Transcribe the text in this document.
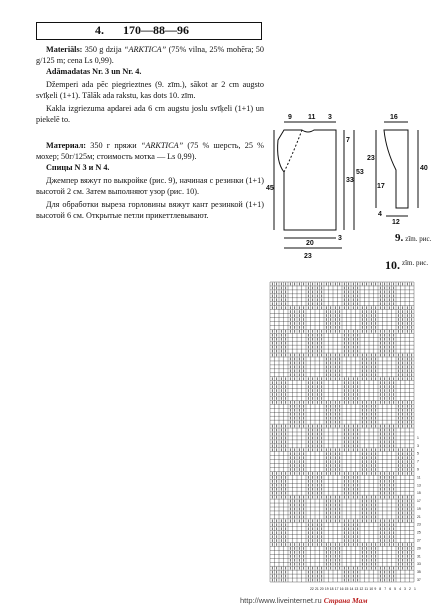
4. 170—88—96

Materiāls: 350 g dzija “ARKTICA” (75% vilna, 25% mohēra; 50 g/125 m; cena Ls 0,99).

Adāmadatas Nr. 3 un Nr. 4.

Džemperi ada pēc piegrieztnes (9. zīm.), sākot ar 2 cm augsto svīķeli (1+1). Tālāk ada rakstu, kas dots 10. zīm.

Kakla izgriezuma apdarei ada 6 cm augstu joslu svīķeli (1+1) un piekelē to.

Материал: 350 г пряжи “ARKTICA” (75 % шерсть, 25 % мохер; 50г/125м; стоимость мотка — Ls 0,99).

Спицы N 3 и N 4.

Джемпер вяжут по выкройке (рис. 9), начиная с резинки (1+1) высотой 2 см. Затем выполняют узор (рис. 10).

Для обработки выреза горловины вяжут кант резинкой (1+1) высотой 6 см. Открытые петли прикеттлевывают.

9 11 3
7
33
53
45
20
23
3
16
40
23
17
12
4
9. zīm. рис.
10. $^{zīm. рис.}$
37
35
33
31
29
27
25
23
21
19
17
15
13
11
9
7
5
3
1
22 21 20 19 18 17 16 15 14 13 12 11 10 9 8 7 6 5 4 3 2 1
http://www.liveinternet.ru Страна Мам
